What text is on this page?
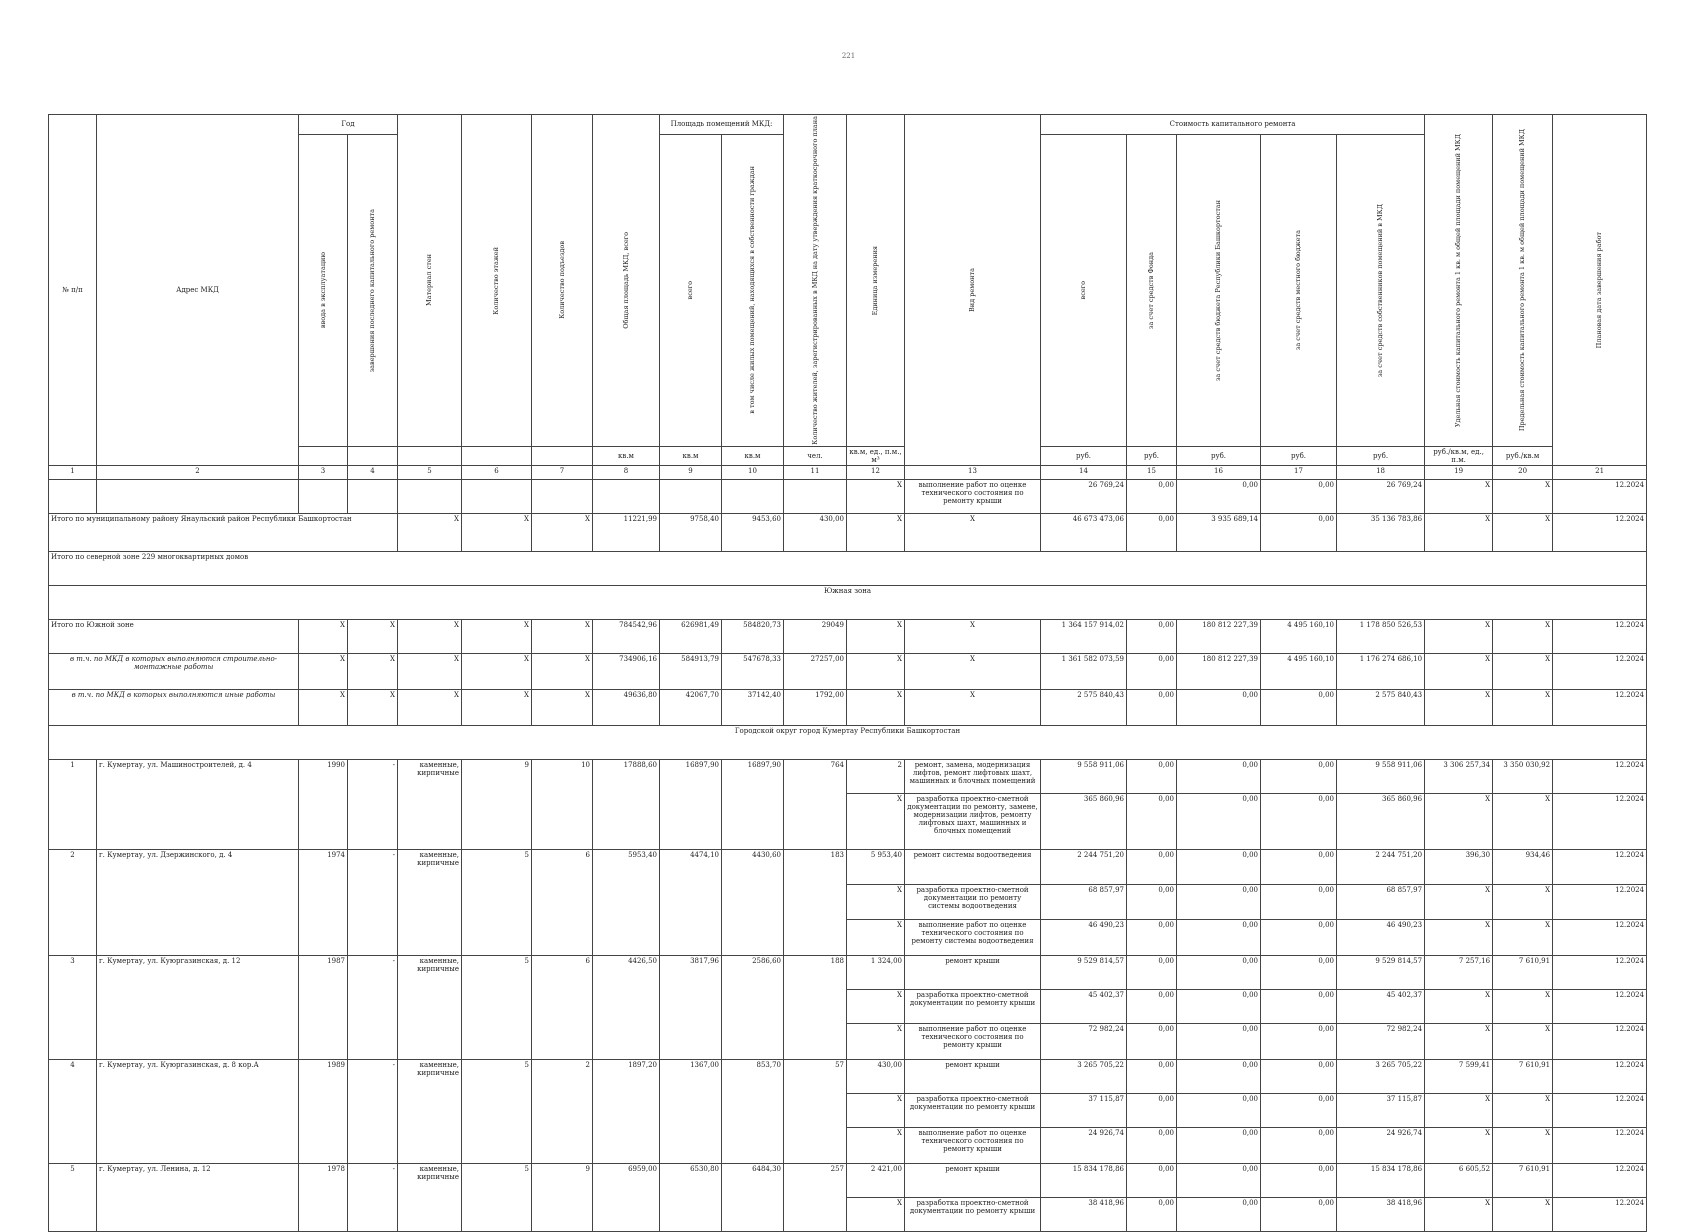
221
№ п/п	Адрес МКД	Год		Материал стен	Количество этажей	Количество подъездов	Общая площадь МКД, всего	Площадь помещений МКД:		Количество жителей, зарегистрированных в МКД на дату утверждения краткосрочного плана	Единица измерения	Вид ремонта	Стоимость капитального ремонта					Удельная стоимость капитального ремонта 1 кв. м общей площади помещений МКД	Предельная стоимость капитального ремонта 1 кв. м общей площади помещений МКД	Плановая дата завершения работ

		ввода в эксплуатацию	завершения последнего капитального ремонта					всего	в том числе жилых помещений, находящихся в собственности граждан				всего	за счет средств Фонда	за счет средств бюджета Республики Башкортостан	за счет средств местного бюджета	за счет средств собственников помещений в МКД			

							кв.м	кв.м	кв.м	чел.	кв.м, ед., п.м., м³		руб.	руб.	руб.	руб.	руб.	руб./кв.м, ед., п.м.	руб./кв.м	
1	2	3	4	5	6	7	8	9	10	11	12	13	14	15	16	17	18	19	20	21
											X	выполнение работ по оценке технического состояния по ремонту крыши	26 769,24	0,00	0,00	0,00	26 769,24	X	X	12.2024
Итого по муниципальному району Янаульский район Республики Башкортостан				X	X	X	11221,99	9758,40	9453,60	430,00	X	X	46 673 473,06	0,00	3 935 689,14	0,00	35 136 783,86	X	X	12.2024
Итого по северной зоне 229 многоквартирных домов																				
Южная зона																				
Итого по Южной зоне		X	X	X	X	X	784542,96	626981,49	584820,73	29049	X	X	1 364 157 914,02	0,00	180 812 227,39	4 495 160,10	1 178 850 526,53	X	X	12.2024
в т.ч. по МКД в которых выполняются строительно-монтажные работы		X	X	X	X	X	734906,16	584913,79	547678,33	27257,00	X	X	1 361 582 073,59	0,00	180 812 227,39	4 495 160,10	1 176 274 686,10	X	X	12.2024
в т.ч. по МКД в которых выполняются иные работы		X	X	X	X	X	49636,80	42067,70	37142,40	1792,00	X	X	2 575 840,43	0,00	0,00	0,00	2 575 840,43	X	X	12.2024
Городской округ город Кумертау Республики Башкортостан																				
1	г. Кумертау, ул. Машиностроителей, д. 4	1990	-	каменные, кирпичные	9	10	17888,60	16897,90	16897,90	764	2	ремонт, замена, модернизация лифтов, ремонт лифтовых шахт, машинных и блочных помещений	9 558 911,06	0,00	0,00	0,00	9 558 911,06	3 306 257,34	3 350 030,92	12.2024
											X	разработка проектно-сметной документации по ремонту, замене, модернизации лифтов, ремонту лифтовых шахт, машинных и блочных помещений	365 860,96	0,00	0,00	0,00	365 860,96	X	X	12.2024
2	г. Кумертау, ул. Дзержинского, д. 4	1974	-	каменные, кирпичные	5	6	5953,40	4474,10	4430,60	183	5 953,40	ремонт системы водоотведения	2 244 751,20	0,00	0,00	0,00	2 244 751,20	396,30	934,46	12.2024
											X	разработка проектно-сметной документации по ремонту системы водоотведения	68 857,97	0,00	0,00	0,00	68 857,97	X	X	12.2024
											X	выполнение работ по оценке технического состояния по ремонту системы водоотведения	46 490,23	0,00	0,00	0,00	46 490,23	X	X	12.2024
3	г. Кумертау, ул. Куюргазинская, д. 12	1987	-	каменные, кирпичные	5	6	4426,50	3817,96	2586,60	188	1 324,00	ремонт крыши	9 529 814,57	0,00	0,00	0,00	9 529 814,57	7 257,16	7 610,91	12.2024
											X	разработка проектно-сметной документации по ремонту крыши	45 402,37	0,00	0,00	0,00	45 402,37	X	X	12.2024
											X	выполнение работ по оценке технического состояния по ремонту крыши	72 982,24	0,00	0,00	0,00	72 982,24	X	X	12.2024
4	г. Кумертау, ул. Куюргазинская, д. 8 кор.А	1989	-	каменные, кирпичные	5	2	1897,20	1367,00	853,70	57	430,00	ремонт крыши	3 265 705,22	0,00	0,00	0,00	3 265 705,22	7 599,41	7 610,91	12.2024
											X	разработка проектно-сметной документации по ремонту крыши	37 115,87	0,00	0,00	0,00	37 115,87	X	X	12.2024
											X	выполнение работ по оценке технического состояния по ремонту крыши	24 926,74	0,00	0,00	0,00	24 926,74	X	X	12.2024
5	г. Кумертау, ул. Ленина, д. 12	1978	-	каменные, кирпичные	5	9	6959,00	6530,80	6484,30	257	2 421,00	ремонт крыши	15 834 178,86	0,00	0,00	0,00	15 834 178,86	6 605,52	7 610,91	12.2024
											X	разработка проектно-сметной документации по ремонту крыши	38 418,96	0,00	0,00	0,00	38 418,96	X	X	12.2024
